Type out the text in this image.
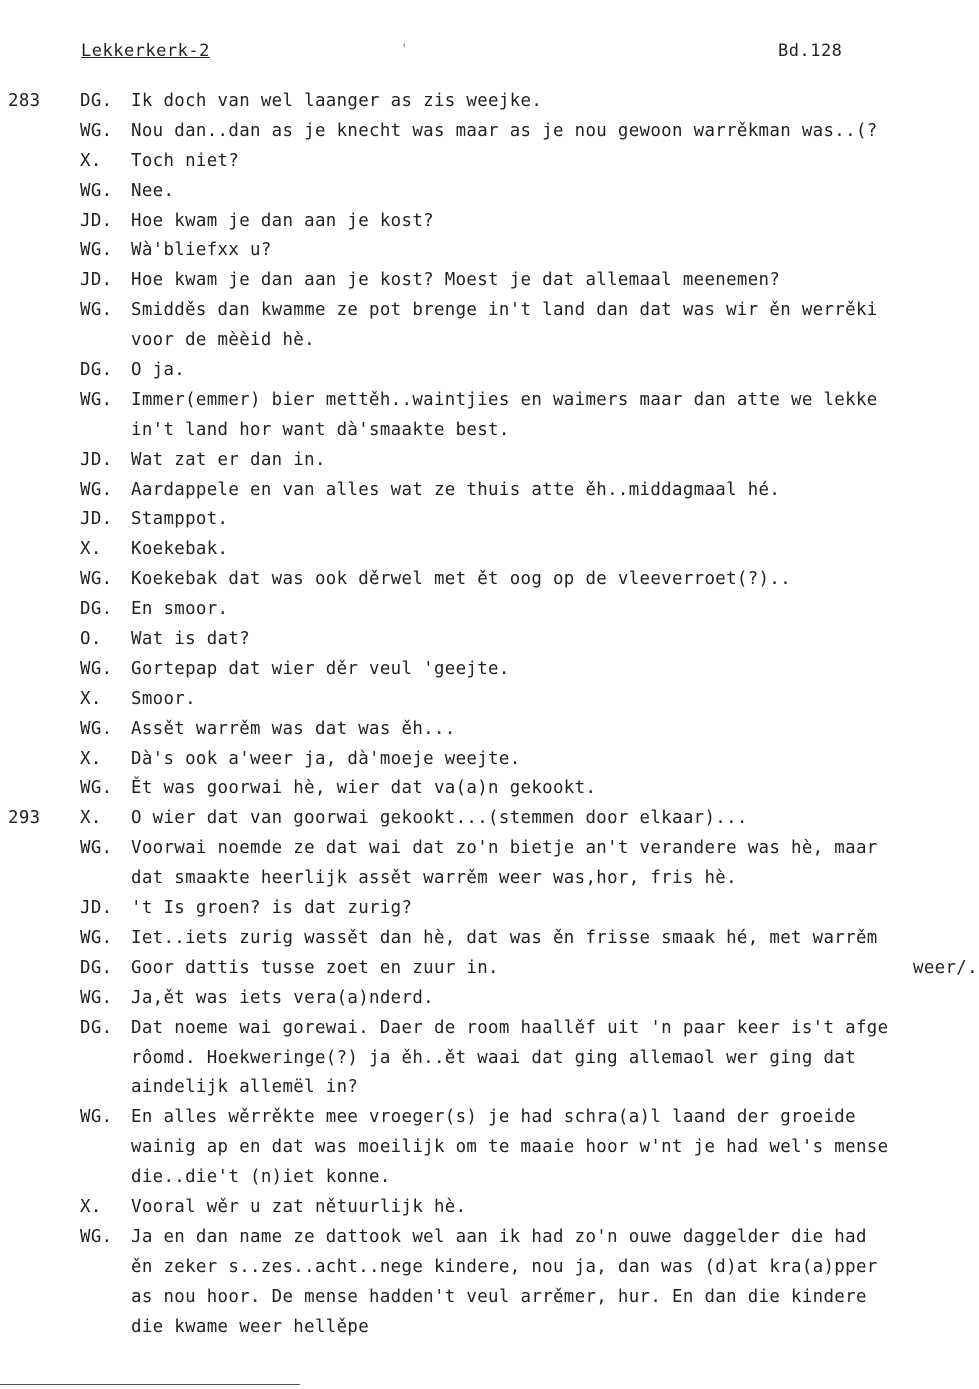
Lekkerkerk-2	'	Bd.128
283	DG.	Ik doch van wel laanger as zis weejke.
WG.	Nou dan..dan as je knecht was maar as je nou gewoon warrěkman was..(?
X.	Toch niet?
WG.	Nee.
JD.	Hoe kwam je dan aan je kost?
WG.	Wà'bliefxx u?
JD.	Hoe kwam je dan aan je kost? Moest je dat allemaal meenemen?
WG.	Smidděs dan kwamme ze pot brenge in't land dan dat was wir ěn werrěki
voor de mèèid hè.
DG.	O ja.
WG.	Immer(emmer) bier mettěh..waintjies en waimers maar dan atte we lekke
in't land hor want dà'smaakte best.
JD.	Wat zat er dan in.
WG.	Aardappele en van alles wat ze thuis atte ěh..middagmaal hé.
JD.	Stamppot.
X.	Koekebak.
WG.	Koekebak dat was ook děrwel met ět oog op de vleeverroet(?)..
DG.	En smoor.
O.	Wat is dat?
WG.	Gortepap dat wier děr veul 'geejte.
X.	Smoor.
WG.	Assět warrěm was dat was ěh...
X.	Dà's ook a'weer ja, dà'moeje weejte.
WG.	Ět was goorwai hè, wier dat va(a)n gekookt.
293	X.	O wier dat van goorwai gekookt...(stemmen door elkaar)...
WG.	Voorwai noemde ze dat wai dat zo'n bietje an't verandere was hè, maar
dat smaakte heerlijk assět warrěm weer was,hor, fris hè.
JD.	't Is groen? is dat zurig?
WG.	Iet..iets zurig wassět dan hè, dat was ěn frisse smaak hé, met warrěm
DG.	Goor dattis tusse zoet en zuur in.	weer/.
WG.	Ja,ět was iets vera(a)nderd.
DG.	Dat noeme wai gorewai. Daer de room haallěf uit 'n paar keer is't afge
rôomd. Hoekweringe(?) ja ěh..ět waai dat ging allemaol wer ging dat
aindelijk allemël in?
WG.	En alles wěrrěkte mee vroeger(s) je had schra(a)l laand der groeide
wainig ap en dat was moeilijk om te maaie hoor w'nt je had wel's mense
die..die't (n)iet konne.
X.	Vooral wěr u zat nětuurlijk hè.
WG.	Ja en dan name ze dattook wel aan ik had zo'n ouwe daggelder die had
ěn zeker s..zes..acht..nege kindere, nou ja, dan was (d)at kra(a)pper
as nou hoor. De mense hadden't veul arrěmer, hur. En dan die kindere
die kwame weer hellěpe
